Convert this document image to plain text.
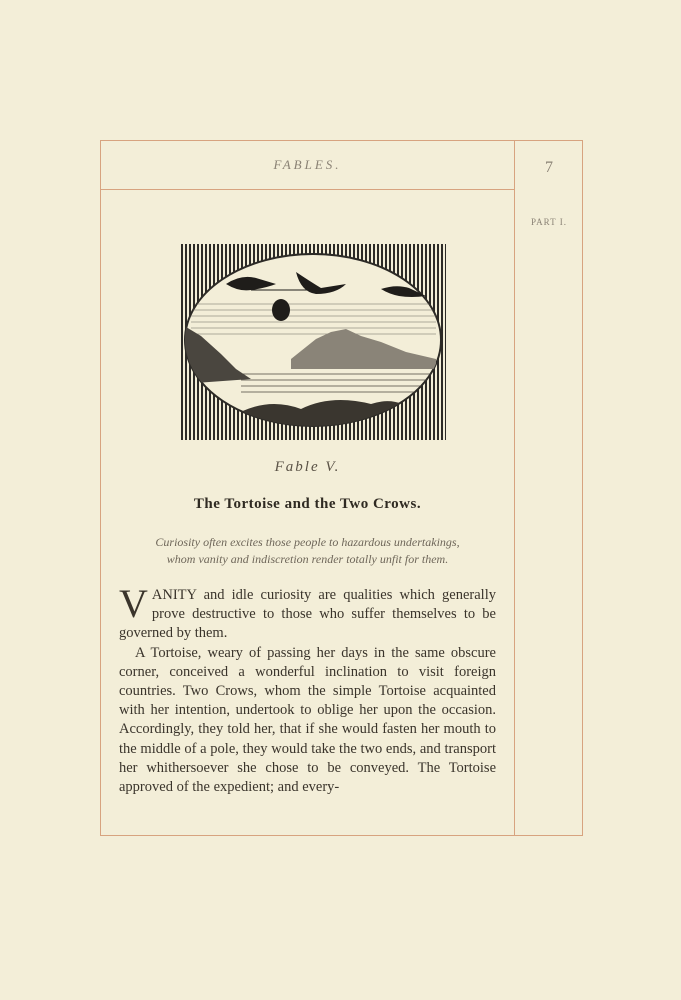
FABLES.	7
PART I.
Fable V.
The Tortoise and the Two Crows.
Curiosity often excites those people to hazardous undertakings,
whom vanity and indiscretion render totally unfit for them.

VANITY and idle curiosity are qualities which generally prove destructive to those who suffer themselves to be governed by them.

A Tortoise, weary of passing her days in the same obscure corner, conceived a wonderful inclination to visit foreign countries. Two Crows, whom the simple Tortoise acquainted with her intention, undertook to oblige her upon the occasion. Accordingly, they told her, that if she would fasten her mouth to the middle of a pole, they would take the two ends, and transport her whithersoever she chose to be conveyed. The Tortoise approved of the expedient; and every-
